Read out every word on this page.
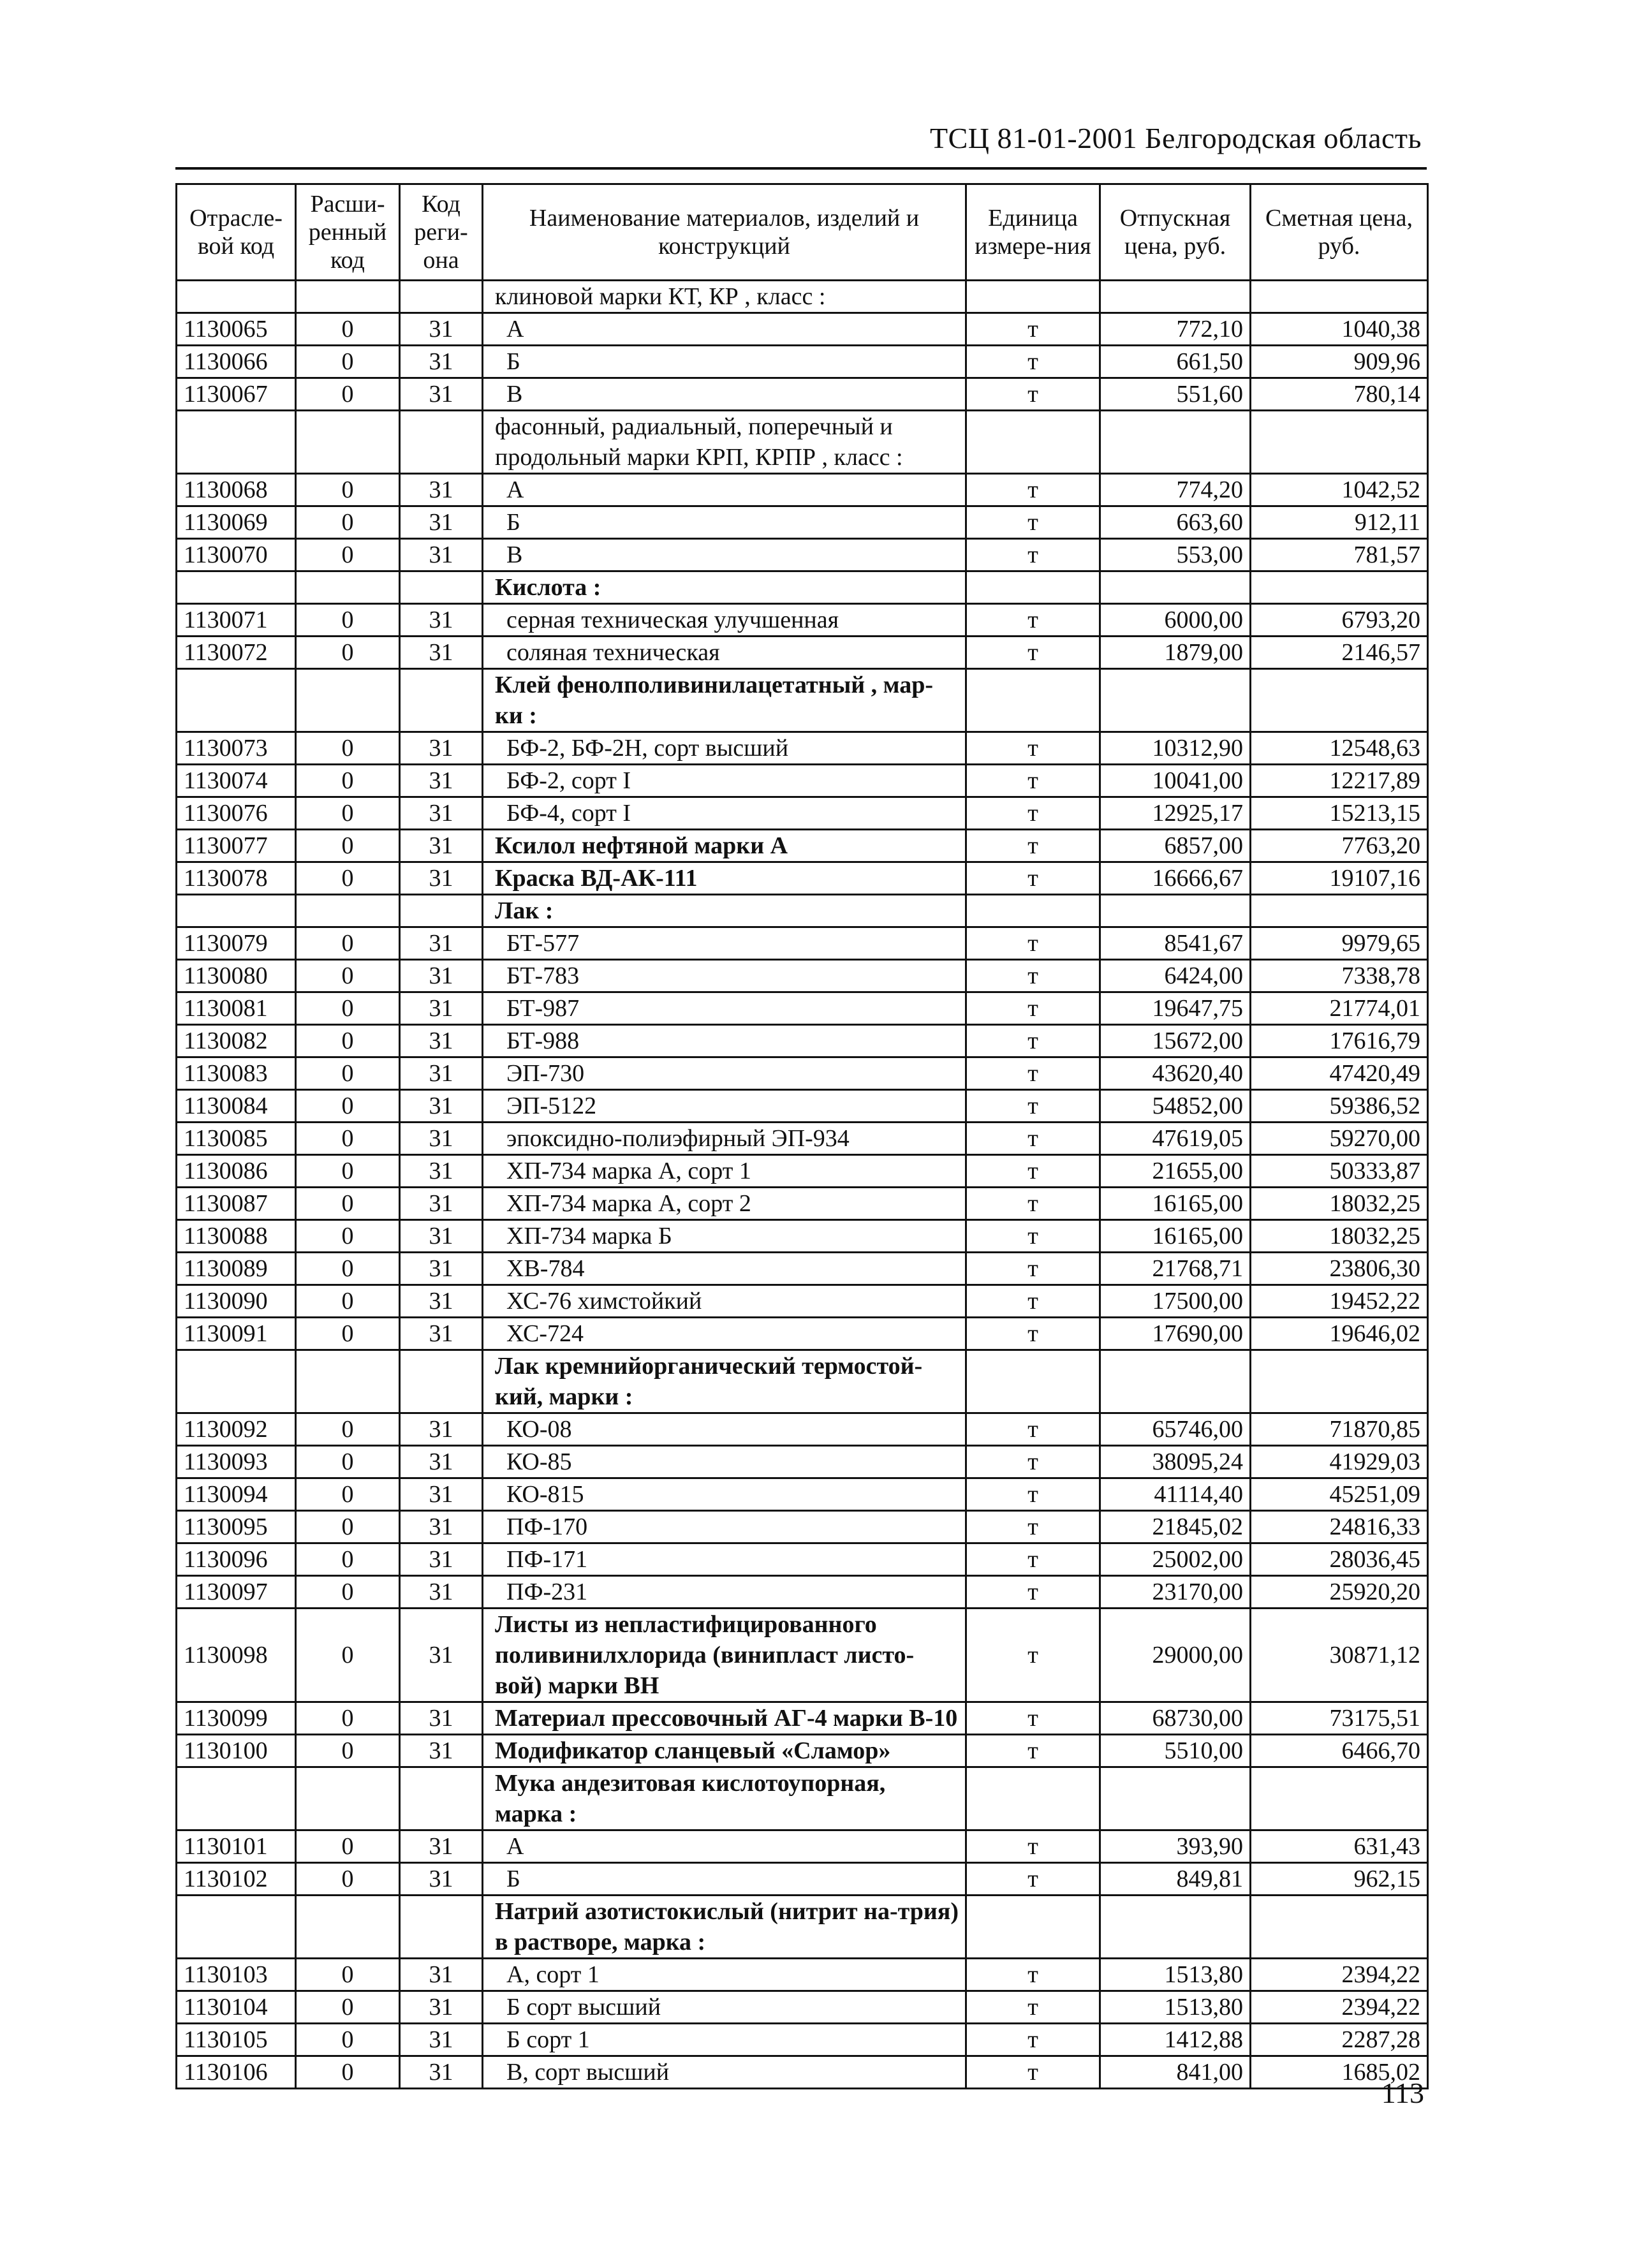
ТСЦ 81-01-2001 Белгородская область
Отрасле-вой код	Расши-ренный код	Код реги-она	Наименование материалов, изделий и конструкций	Единица измере-ния	Отпускная цена, руб.	Сметная цена, руб.
			клиновой марки КТ, КР , класс :			
1130065	0	31	А	т	772,10	1040,38
1130066	0	31	Б	т	661,50	909,96
1130067	0	31	В	т	551,60	780,14
			фасонный, радиальный, поперечный и продольный марки КРП, КРПР , класс :			
1130068	0	31	А	т	774,20	1042,52
1130069	0	31	Б	т	663,60	912,11
1130070	0	31	В	т	553,00	781,57
			Кислота :			
1130071	0	31	серная техническая улучшенная	т	6000,00	6793,20
1130072	0	31	соляная техническая	т	1879,00	2146,57
			Клей фенолполивинилацетатный , мар-ки :			
1130073	0	31	БФ-2, БФ-2Н, сорт высший	т	10312,90	12548,63
1130074	0	31	БФ-2, сорт I	т	10041,00	12217,89
1130076	0	31	БФ-4, сорт I	т	12925,17	15213,15
1130077	0	31	Ксилол нефтяной марки А	т	6857,00	7763,20
1130078	0	31	Краска ВД-АК-111	т	16666,67	19107,16
			Лак :			
1130079	0	31	БТ-577	т	8541,67	9979,65
1130080	0	31	БТ-783	т	6424,00	7338,78
1130081	0	31	БТ-987	т	19647,75	21774,01
1130082	0	31	БТ-988	т	15672,00	17616,79
1130083	0	31	ЭП-730	т	43620,40	47420,49
1130084	0	31	ЭП-5122	т	54852,00	59386,52
1130085	0	31	эпоксидно-полиэфирный ЭП-934	т	47619,05	59270,00
1130086	0	31	ХП-734 марка А, сорт 1	т	21655,00	50333,87
1130087	0	31	ХП-734 марка А, сорт 2	т	16165,00	18032,25
1130088	0	31	ХП-734 марка Б	т	16165,00	18032,25
1130089	0	31	ХВ-784	т	21768,71	23806,30
1130090	0	31	ХС-76 химстойкий	т	17500,00	19452,22
1130091	0	31	ХС-724	т	17690,00	19646,02
			Лак кремнийорганический термостой-кий, марки :			
1130092	0	31	КО-08	т	65746,00	71870,85
1130093	0	31	КО-85	т	38095,24	41929,03
1130094	0	31	КО-815	т	41114,40	45251,09
1130095	0	31	ПФ-170	т	21845,02	24816,33
1130096	0	31	ПФ-171	т	25002,00	28036,45
1130097	0	31	ПФ-231	т	23170,00	25920,20
1130098	0	31	Листы из непластифицированного поливинилхлорида (винипласт листо-вой) марки ВН	т	29000,00	30871,12
1130099	0	31	Материал прессовочный АГ-4 марки В-10	т	68730,00	73175,51
1130100	0	31	Модификатор сланцевый «Сламор»	т	5510,00	6466,70
			Мука андезитовая кислотоупорная, марка :			
1130101	0	31	А	т	393,90	631,43
1130102	0	31	Б	т	849,81	962,15
			Натрий азотистокислый (нитрит на-трия) в растворе, марка :			
1130103	0	31	А, сорт 1	т	1513,80	2394,22
1130104	0	31	Б сорт высший	т	1513,80	2394,22
1130105	0	31	Б сорт 1	т	1412,88	2287,28
1130106	0	31	В, сорт высший	т	841,00	1685,02
113
